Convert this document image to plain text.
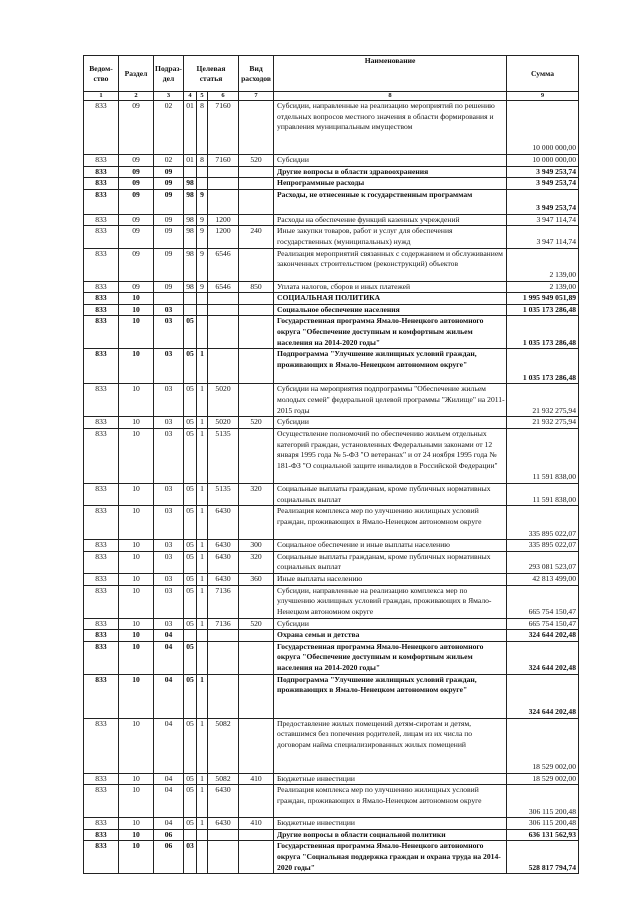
Ведом-ство	Раздел	Подраз-дел	Целевая статья			Вид расходов	Наименование	Сумма
1	2	3	4	5	6	7	8	9
833	09	02	01	8	7160		Субсидии, направленные на реализацию мероприятий по решению отдельных вопросов местного значения в области формирования и управления муниципальным имуществом	10 000 000,00
833	09	02	01	8	7160	520	Субсидии	10 000 000,00
833	09	09					Другие вопросы в области здравоохранения	3 949 253,74
833	09	09	98				Непрограммные расходы	3 949 253,74
833	09	09	98	9			Расходы, не отнесенные к государственным программам	3 949 253,74
833	09	09	98	9	1200		Расходы на обеспечение функций казенных учреждений	3 947 114,74
833	09	09	98	9	1200	240	Иные закупки товаров, работ и услуг для обеспечения государственных (муниципальных) нужд	3 947 114,74
833	09	09	98	9	6546		Реализация мероприятий связанных с содержанием и обслуживанием законченных строительством (реконструкций) объектов	2 139,00
833	09	09	98	9	6546	850	Уплата налогов, сборов и иных платежей	2 139,00
833	10						СОЦИАЛЬНАЯ ПОЛИТИКА	1 995 949 051,89
833	10	03					Социальное обеспечение населения	1 035 173 286,48
833	10	03	05				Государственная программа Ямало-Ненецкого автономного округа "Обеспечение доступным и комфортным жильем населения на 2014-2020 годы"	1 035 173 286,48
833	10	03	05	1			Подпрограмма "Улучшение жилищных условий граждан, проживающих в Ямало-Ненецком автономном округе"	1 035 173 286,48
833	10	03	05	1	5020		Субсидии на мероприятия подпрограммы "Обеспечение жильем молодых семей" федеральной целевой программы "Жилище" на 2011-2015 годы	21 932 275,94
833	10	03	05	1	5020	520	Субсидии	21 932 275,94
833	10	03	05	1	5135		Осуществление полномочий по обеспечению жильем отдельных категорий граждан, установленных Федеральными законами от 12 января 1995 года № 5-ФЗ "О ветеранах" и от 24 ноября 1995 года № 181-ФЗ "О социальной защите инвалидов в Российской Федерации"	11 591 838,00
833	10	03	05	1	5135	320	Социальные выплаты гражданам, кроме публичных нормативных социальных выплат	11 591 838,00
833	10	03	05	1	6430		Реализация комплекса мер по улучшению жилищных условий граждан, проживающих в Ямало-Ненецком автономном округе	335 895 022,07
833	10	03	05	1	6430	300	Социальное обеспечение и иные выплаты населению	335 895 022,07
833	10	03	05	1	6430	320	Социальные выплаты гражданам, кроме публичных нормативных социальных выплат	293 081 523,07
833	10	03	05	1	6430	360	Иные выплаты населению	42 813 499,00
833	10	03	05	1	7136		Субсидии, направленные на реализацию комплекса мер по улучшению жилищных условий граждан, проживающих в Ямало-Ненецком автономном округе	665 754 150,47
833	10	03	05	1	7136	520	Субсидии	665 754 150,47
833	10	04					Охрана семьи и детства	324 644 202,48
833	10	04	05				Государственная программа Ямало-Ненецкого автономного округа "Обеспечение доступным и комфортным жильем населения на 2014-2020 годы"	324 644 202,48
833	10	04	05	1			Подпрограмма "Улучшение жилищных условий граждан, проживающих в Ямало-Ненецком автономном округе"	324 644 202,48
833	10	04	05	1	5082		Предоставление жилых помещений детям-сиротам и детям, оставшимся без попечения родителей, лицам из их числа по договорам найма специализированных жилых помещений	18 529 002,00
833	10	04	05	1	5082	410	Бюджетные инвестиции	18 529 002,00
833	10	04	05	1	6430		Реализация комплекса мер по улучшению жилищных условий граждан, проживающих в Ямало-Ненецком автономном округе	306 115 200,48
833	10	04	05	1	6430	410	Бюджетные инвестиции	306 115 200,48
833	10	06					Другие вопросы в области социальной политики	636 131 562,93
833	10	06	03				Государственная программа Ямало-Ненецкого автономного округа "Социальная поддержка граждан и охрана труда на 2014-2020 годы"	528 817 794,74
